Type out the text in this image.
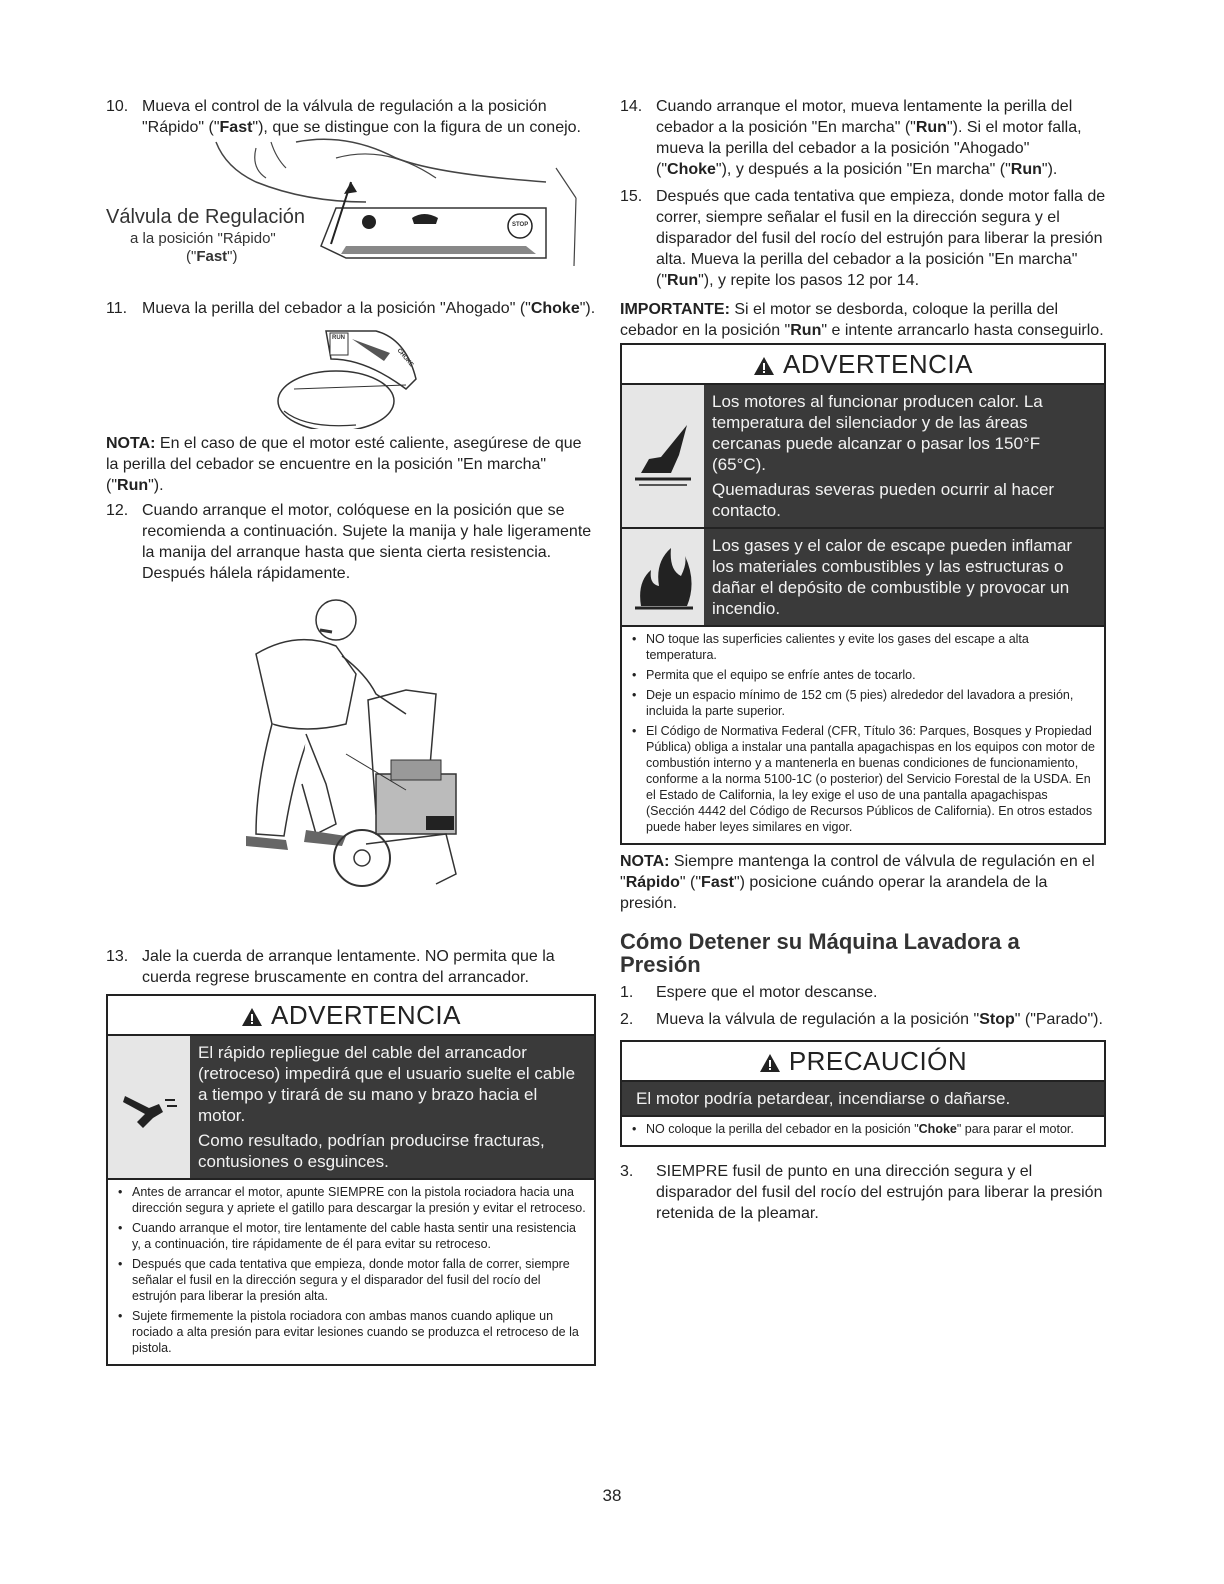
10. Mueva el control de la válvula de regulación a la posición "Rápido" ("Fast"), que se distingue con la figura de un conejo.

Válvula de Regulación
a la posición "Rápido"
("Fast")
STOP

11. Mueva la perilla del cebador a la posición "Ahogado" ("Choke").

RUN
CHOKE

NOTA: En el caso de que el motor esté caliente, asegúrese de que la perilla del cebador se encuentre en la posición "En marcha" ("Run").

12. Cuando arranque el motor, colóquese en la posición que se recomienda a continuación. Sujete la manija y hale ligeramente la manija del arranque hasta que sienta cierta resistencia. Después hálela rápidamente.

13. Jale la cuerda de arranque lentamente. NO permita que la cuerda regrese bruscamente en contra del arrancador.

ADVERTENCIA

El rápido repliegue del cable del arrancador (retroceso) impedirá que el usuario suelte el cable a tiempo y tirará de su mano y brazo hacia el motor.

Como resultado, podrían producirse fracturas, contusiones o esguinces.

• Antes de arrancar el motor, apunte SIEMPRE con la pistola rociadora hacia una dirección segura y apriete el gatillo para descargar la presión y evitar el retroceso.
• Cuando arranque el motor, tire lentamente del cable hasta sentir una resistencia y, a continuación, tire rápidamente de él para evitar su retroceso.
• Después que cada tentativa que empieza, donde motor falla de correr, siempre señalar el fusil en la dirección segura y el disparador del fusil del rocío del estrujón para liberar la presión alta.
• Sujete firmemente la pistola rociadora con ambas manos cuando aplique un rociado a alta presión para evitar lesiones cuando se produzca el retroceso de la pistola.

14. Cuando arranque el motor, mueva lentamente la perilla del cebador a la posición "En marcha" ("Run"). Si el motor falla, mueva la perilla del cebador a la posición "Ahogado" ("Choke"), y después a la posición "En marcha" ("Run").

15. Después que cada tentativa que empieza, donde motor falla de correr, siempre señalar el fusil en la dirección segura y el disparador del fusil del rocío del estrujón para liberar la presión alta. Mueva la perilla del cebador a la posición "En marcha" ("Run"), y repite los pasos 12 por 14.

IMPORTANTE: Si el motor se desborda, coloque la perilla del cebador en la posición "Run" e intente arrancarlo hasta conseguirlo.

ADVERTENCIA

Los motores al funcionar producen calor. La temperatura del silenciador y de las áreas cercanas puede alcanzar o pasar los 150°F (65°C).

Quemaduras severas pueden ocurrir al hacer contacto.

Los gases y el calor de escape pueden inflamar los materiales combustibles y las estructuras o dañar el depósito de combustible y provocar un incendio.

• NO toque las superficies calientes y evite los gases del escape a alta temperatura.
• Permita que el equipo se enfríe antes de tocarlo.
• Deje un espacio mínimo de 152 cm (5 pies) alrededor del lavadora a presión, incluida la parte superior.
• El Código de Normativa Federal (CFR, Título 36: Parques, Bosques y Propiedad Pública) obliga a instalar una pantalla apagachispas en los equipos con motor de combustión interno y a mantenerla en buenas condiciones de funcionamiento, conforme a la norma 5100-1C (o posterior) del Servicio Forestal de la USDA. En el Estado de California, la ley exige el uso de una pantalla apagachispas (Sección 4442 del Código de Recursos Públicos de California). En otros estados puede haber leyes similares en vigor.

NOTA: Siempre mantenga la control de válvula de regulación en el "Rápido" ("Fast") posicione cuándo operar la arandela de la presión.

Cómo Detener su Máquina Lavadora a Presión

1.	Espere que el motor descanse.

2.	Mueva la válvula de regulación a la posición "Stop" ("Parado").

PRECAUCIÓN
El motor podría petardear, incendiarse o dañarse.
• NO coloque la perilla del cebador en la posición "Choke" para parar el motor.

3.	SIEMPRE fusil de punto en una dirección segura y el disparador del fusil del rocío del estrujón para liberar la presión retenida de la pleamar.

38
